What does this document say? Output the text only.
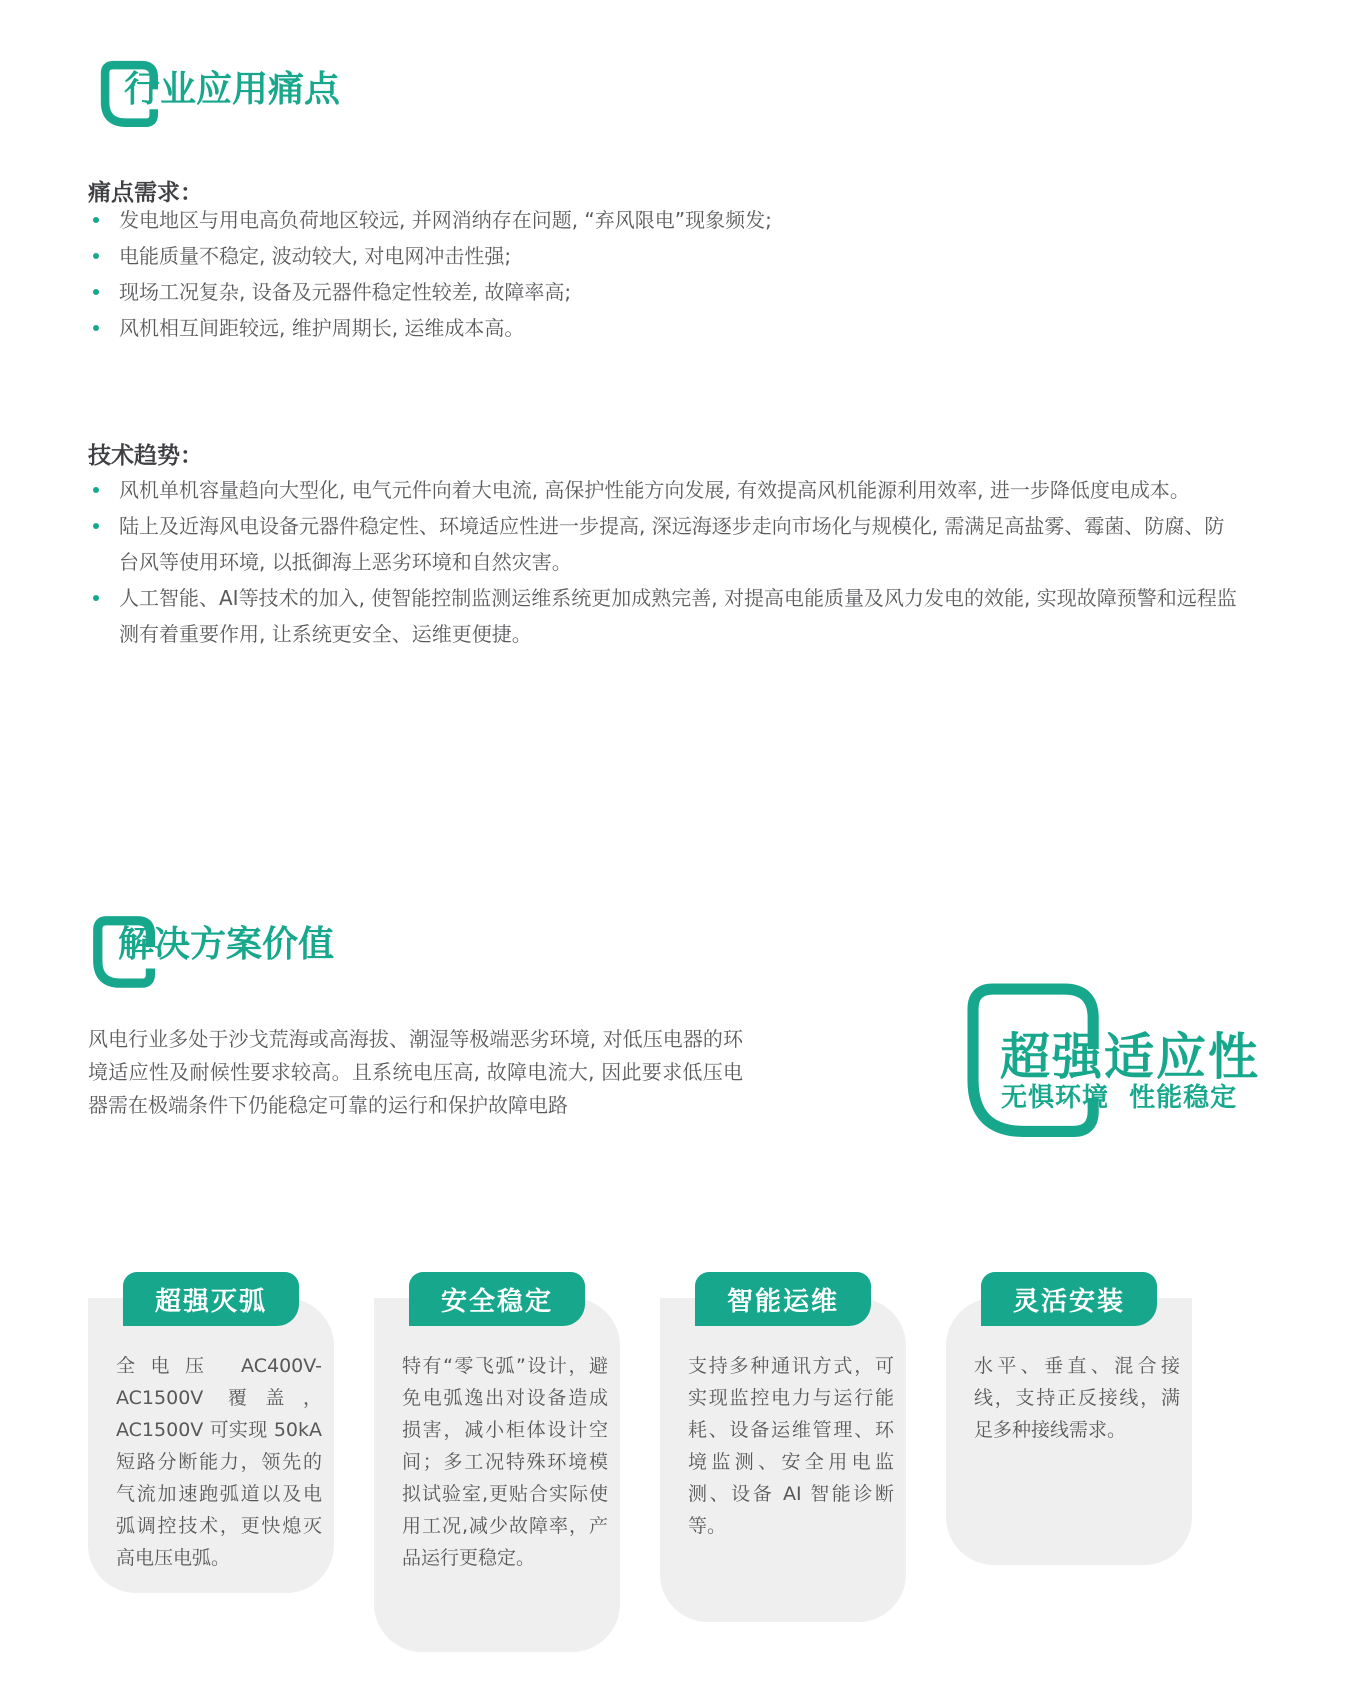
行业应用痛点
痛点需求：
发电地区与用电高负荷地区较远, 并网消纳存在问题, “弃风限电”现象频发;
电能质量不稳定, 波动较大, 对电网冲击性强;
现场工况复杂, 设备及元器件稳定性较差, 故障率高;
风机相互间距较远, 维护周期长, 运维成本高。
技术趋势：
风机单机容量趋向大型化, 电气元件向着大电流, 高保护性能方向发展, 有效提高风机能源利用效率, 进一步降低度电成本。
陆上及近海风电设备元器件稳定性、环境适应性进一步提高, 深远海逐步走向市场化与规模化, 需满足高盐雾、霉菌、防腐、防台风等使用环境, 以抵御海上恶劣环境和自然灾害。
人工智能、AI等技术的加入, 使智能控制监测运维系统更加成熟完善, 对提高电能质量及风力发电的效能, 实现故障预警和远程监测有着重要作用, 让系统更安全、运维更便捷。
解决方案价值
风电行业多处于沙戈荒海或高海拔、潮湿等极端恶劣环境, 对低压电器的环境适应性及耐候性要求较高。且系统电压高, 故障电流大, 因此要求低压电器需在极端条件下仍能稳定可靠的运行和保护故障电路
超强适应性
无惧环境  性能稳定
超强灭弧
全电压 AC400V-AC1500V 覆盖，AC1500V 可实现 50kA 短路分断能力，领先的气流加速跑弧道以及电弧调控技术，更快熄灭高电压电弧。
安全稳定
特有“零飞弧”设计，避免电弧逸出对设备造成损害，减小柜体设计空间；多工况特殊环境模拟试验室,更贴合实际使用工况,减少故障率，产品运行更稳定。
智能运维
支持多种通讯方式，可实现监控电力与运行能耗、设备运维管理、环境监测、安全用电监测、设备 AI 智能诊断等。
灵活安装
水平、垂直、混合接线，支持正反接线，满足多种接线需求。
